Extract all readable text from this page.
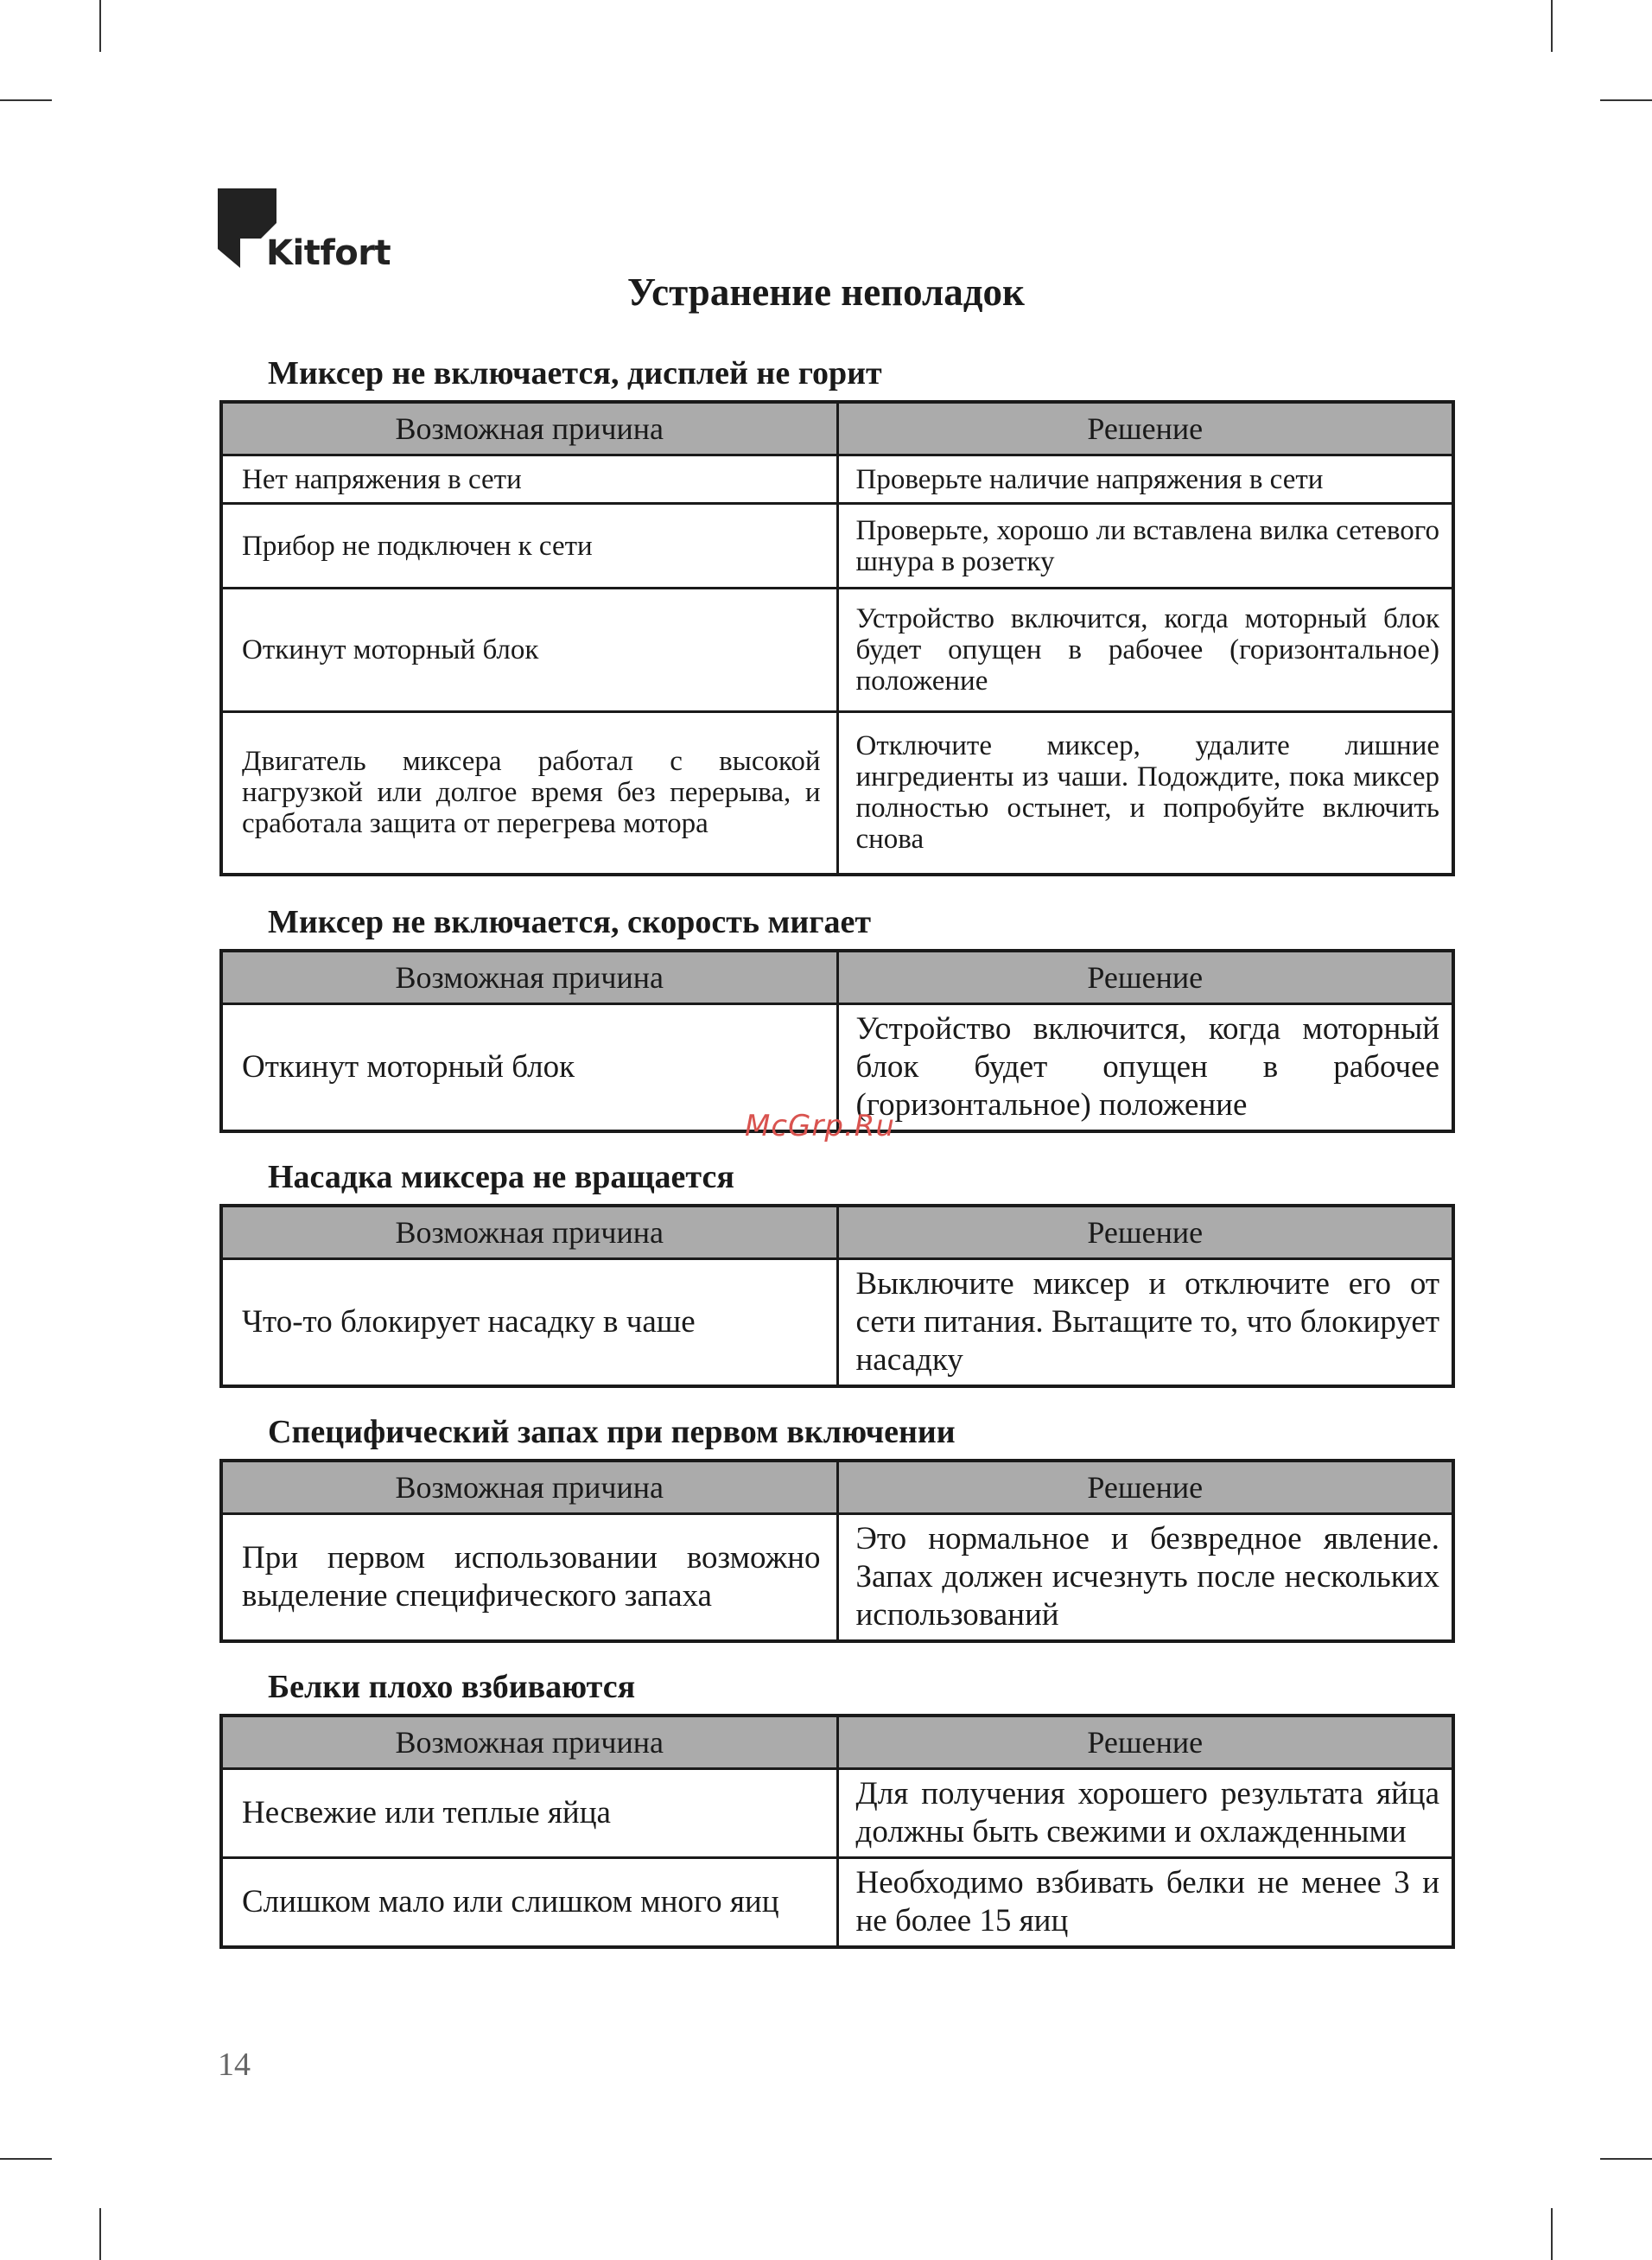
Kitfort
Устранение неполадок
Миксер не включается, дисплей не горит
Возможная причина	Решение
Нет напряжения в сети	Проверьте наличие напряжения в сети
Прибор не подключен к сети	Проверьте, хорошо ли вставлена вилка сетевого шнура в розетку
Откинут моторный блок	Устройство включится, когда моторный блок будет опущен в рабочее (горизонтальное) положение
Двигатель миксера работал с высокой нагрузкой или долгое время без перерыва, и сработала защита от перегрева мотора	Отключите миксер, удалите лишние ингредиенты из чаши. Подождите, пока миксер полностью остынет, и попробуйте включить снова
Миксер не включается, скорость мигает
Возможная причина	Решение
Откинут моторный блок	Устройство включится, когда моторный блок будет опущен в рабочее (горизонтальное) положение
McGrp.Ru
Насадка миксера не вращается
Возможная причина	Решение
Что-то блокирует насадку в чаше	Выключите миксер и отключите его от сети питания. Вытащите то, что блокирует насадку
Специфический запах при первом включении
Возможная причина	Решение
При первом использовании возможно выделение специфического запаха	Это нормальное и безвредное явление. Запах должен исчезнуть после нескольких использований
Белки плохо взбиваются
Возможная причина	Решение
Несвежие или теплые яйца	Для получения хорошего результата яйца должны быть свежими и охлажденными
Слишком мало или слишком много яиц	Необходимо взбивать белки не менее 3 и не более 15 яиц
14
